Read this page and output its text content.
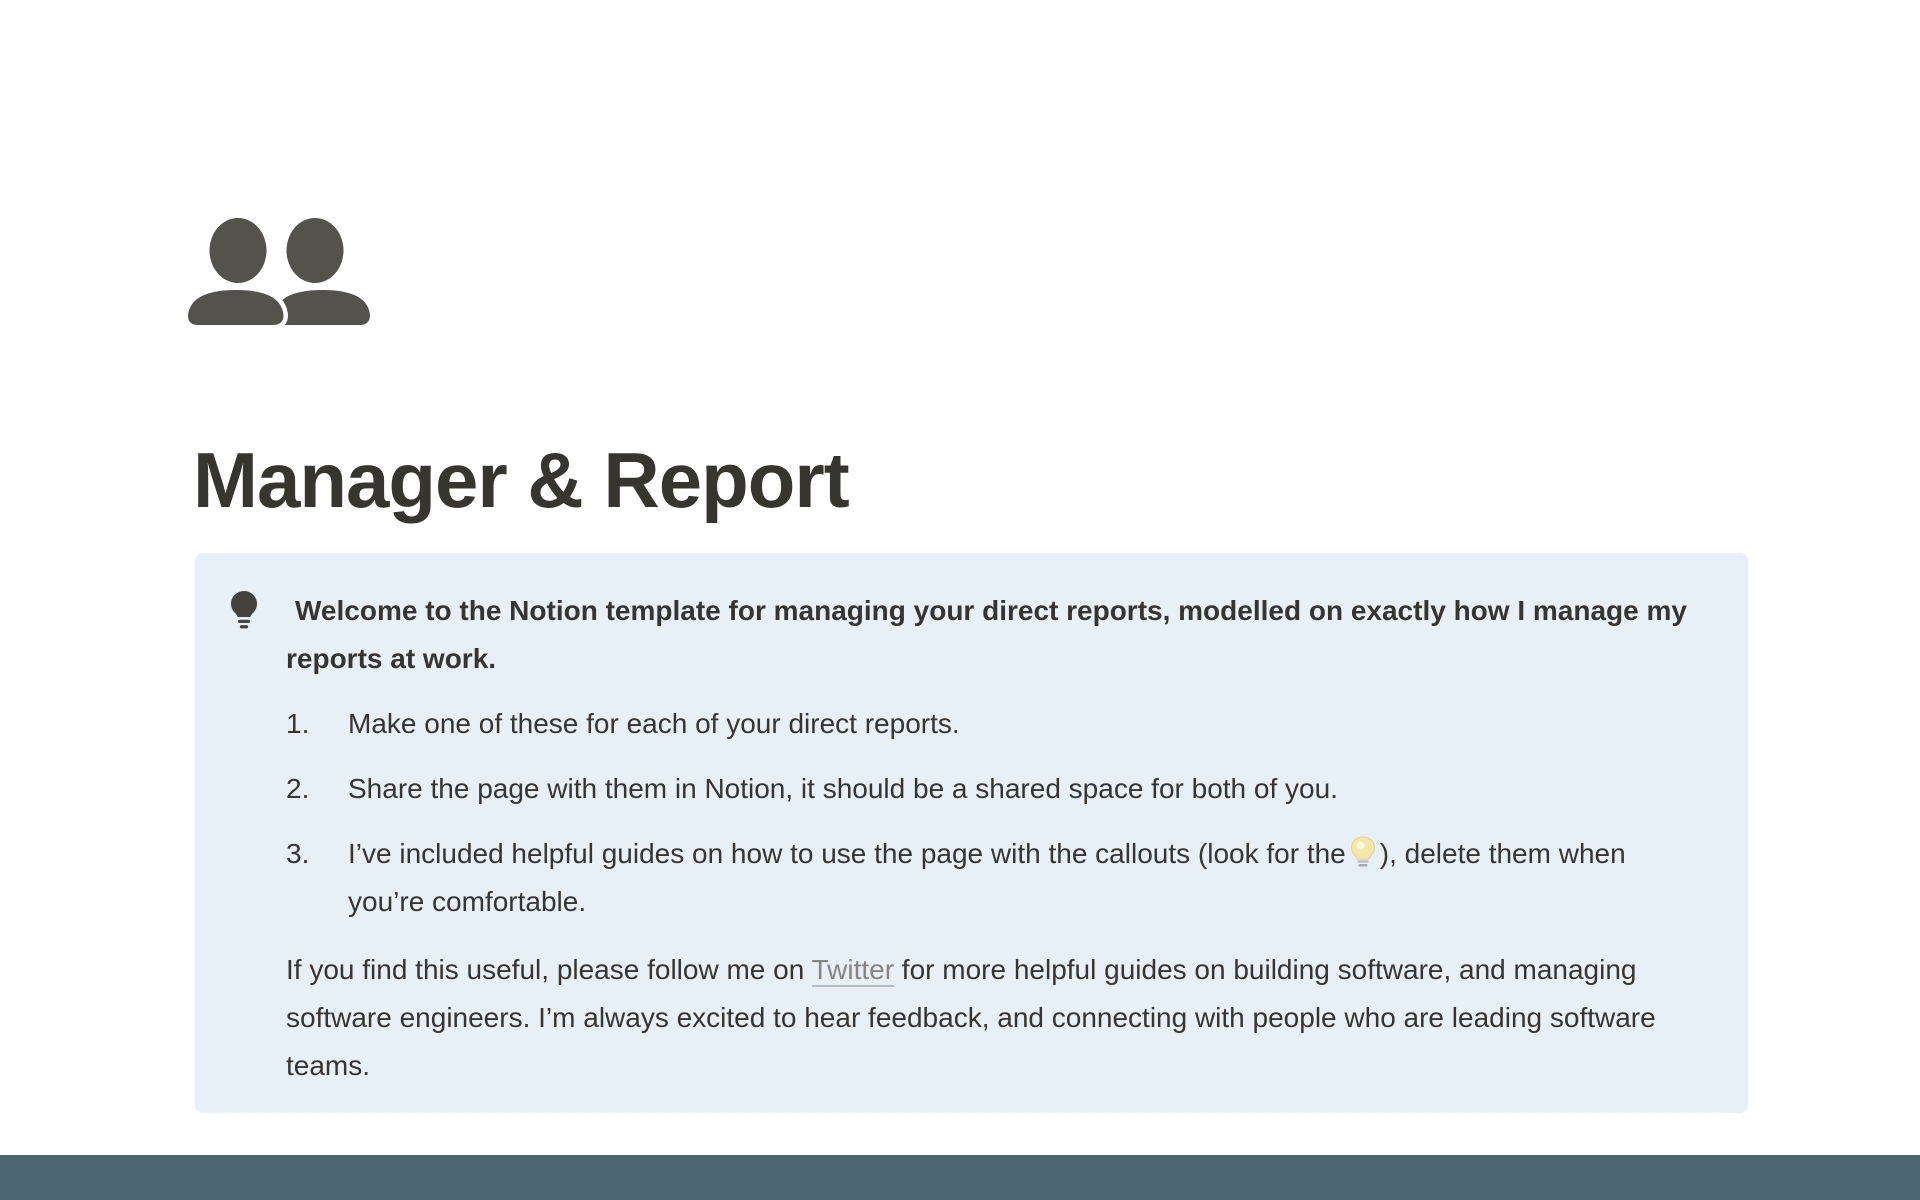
Manager & Report

Welcome to the Notion template for managing your direct reports, modelled on exactly how I manage my reports at work.

1.	Make one of these for each of your direct reports.
2.	Share the page with them in Notion, it should be a shared space for both of you.
3.	I’ve included helpful guides on how to use the page with the callouts (look for the ), delete them when you’re comfortable.

If you find this useful, please follow me on Twitter for more helpful guides on building software, and managing software engineers. I’m always excited to hear feedback, and connecting with people who are leading software teams.
